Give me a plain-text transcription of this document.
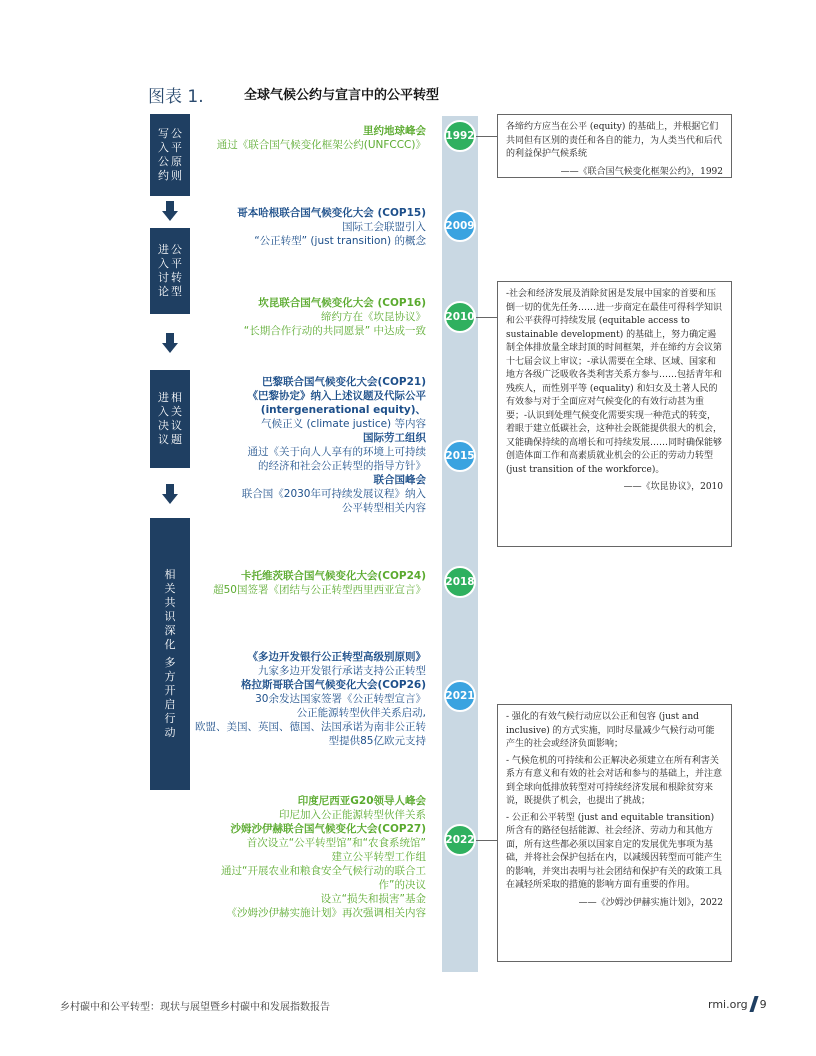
图表 1.	全球气候公约与宣言中的公平转型
写
入
公
约
公
平
原
则
进
入
讨
论
公
平
转
型
进
入
决
议
相
关
议
题
相
关
共
识
深
化
多
方
开
启
行
动
1992
2009
2010
2015
2018
2021
2022
里约地球峰会
通过《联合国气候变化框架公约(UNFCCC)》
哥本哈根联合国气候变化大会 (COP15)
国际工会联盟引入
“公正转型” (just transition) 的概念
坎昆联合国气候变化大会 (COP16)
缔约方在《坎昆协议》
“长期合作行动的共同愿景” 中达成一致
巴黎联合国气候变化大会(COP21)
《巴黎协定》纳入上述议题及代际公平
(intergenerational equity)、
气候正义 (climate justice) 等内容
国际劳工组织
通过《关于向人人享有的环境上可持续
的经济和社会公正转型的指导方针》
联合国峰会
联合国《2030年可持续发展议程》纳入
公平转型相关内容
卡托维茨联合国气候变化大会(COP24)
超50国签署《团结与公正转型西里西亚宣言》
《多边开发银行公正转型高级别原则》
九家多边开发银行承诺支持公正转型
格拉斯哥联合国气候变化大会(COP26)
30余发达国家签署《公正转型宣言》
公正能源转型伙伴关系启动,
欧盟、美国、英国、德国、法国承诺为南非公正转
型提供85亿欧元支持
印度尼西亚G20领导人峰会
印尼加入公正能源转型伙伴关系
沙姆沙伊赫联合国气候变化大会(COP27)
首次设立“公平转型馆”和“农食系统馆”
建立公平转型工作组
通过“开展农业和粮食安全气候行动的联合工
作”的决议
设立“损失和损害”基金
《沙姆沙伊赫实施计划》再次强调相关内容
各缔约方应当在公平 (equity) 的基础上，并根据它们共同但有区别的责任和各自的能力，为人类当代和后代的利益保护气候系统
——《联合国气候变化框架公约》，1992
-社会和经济发展及消除贫困是发展中国家的首要和压倒一切的优先任务……进一步商定在最佳可得科学知识和公平获得可持续发展 (equitable access to sustainable development) 的基础上，努力确定遏制全体排放量全球封顶的时间框架，并在缔约方会议第十七届会议上审议；-承认需要在全球、区域、国家和地方各级广泛吸收各类利害关系方参与……包括青年和残疾人，而性别平等 (equality) 和妇女及土著人民的有效参与对于全面应对气候变化的有效行动甚为重要；-认识到处理气候变化需要实现一种范式的转变，着眼于建立低碳社会，这种社会既能提供很大的机会，又能确保持续的高增长和可持续发展……同时确保能够创造体面工作和高素质就业机会的公正的劳动力转型 (just transition of the workforce)。
——《坎昆协议》，2010

- 强化的有效气候行动应以公正和包容 (just and inclusive) 的方式实施，同时尽量减少气候行动可能产生的社会或经济负面影响；

- 气候危机的可持续和公正解决必须建立在所有利害关系方有意义和有效的社会对话和参与的基础上，并注意到全球向低排放转型对可持续经济发展和根除贫穷来说，既提供了机会，也提出了挑战；

- 公正和公平转型 (just and equitable transition) 所含有的路径包括能源、社会经济、劳动力和其他方面，所有这些都必须以国家自定的发展优先事项为基础，并将社会保护包括在内，以减缓因转型而可能产生的影响，并突出表明与社会团结和保护有关的政策工具在减轻所采取的措施的影响方面有重要的作用。

——《沙姆沙伊赫实施计划》，2022
乡村碳中和公平转型：现状与展望暨乡村碳中和发展指数报告	rmi.org 9
